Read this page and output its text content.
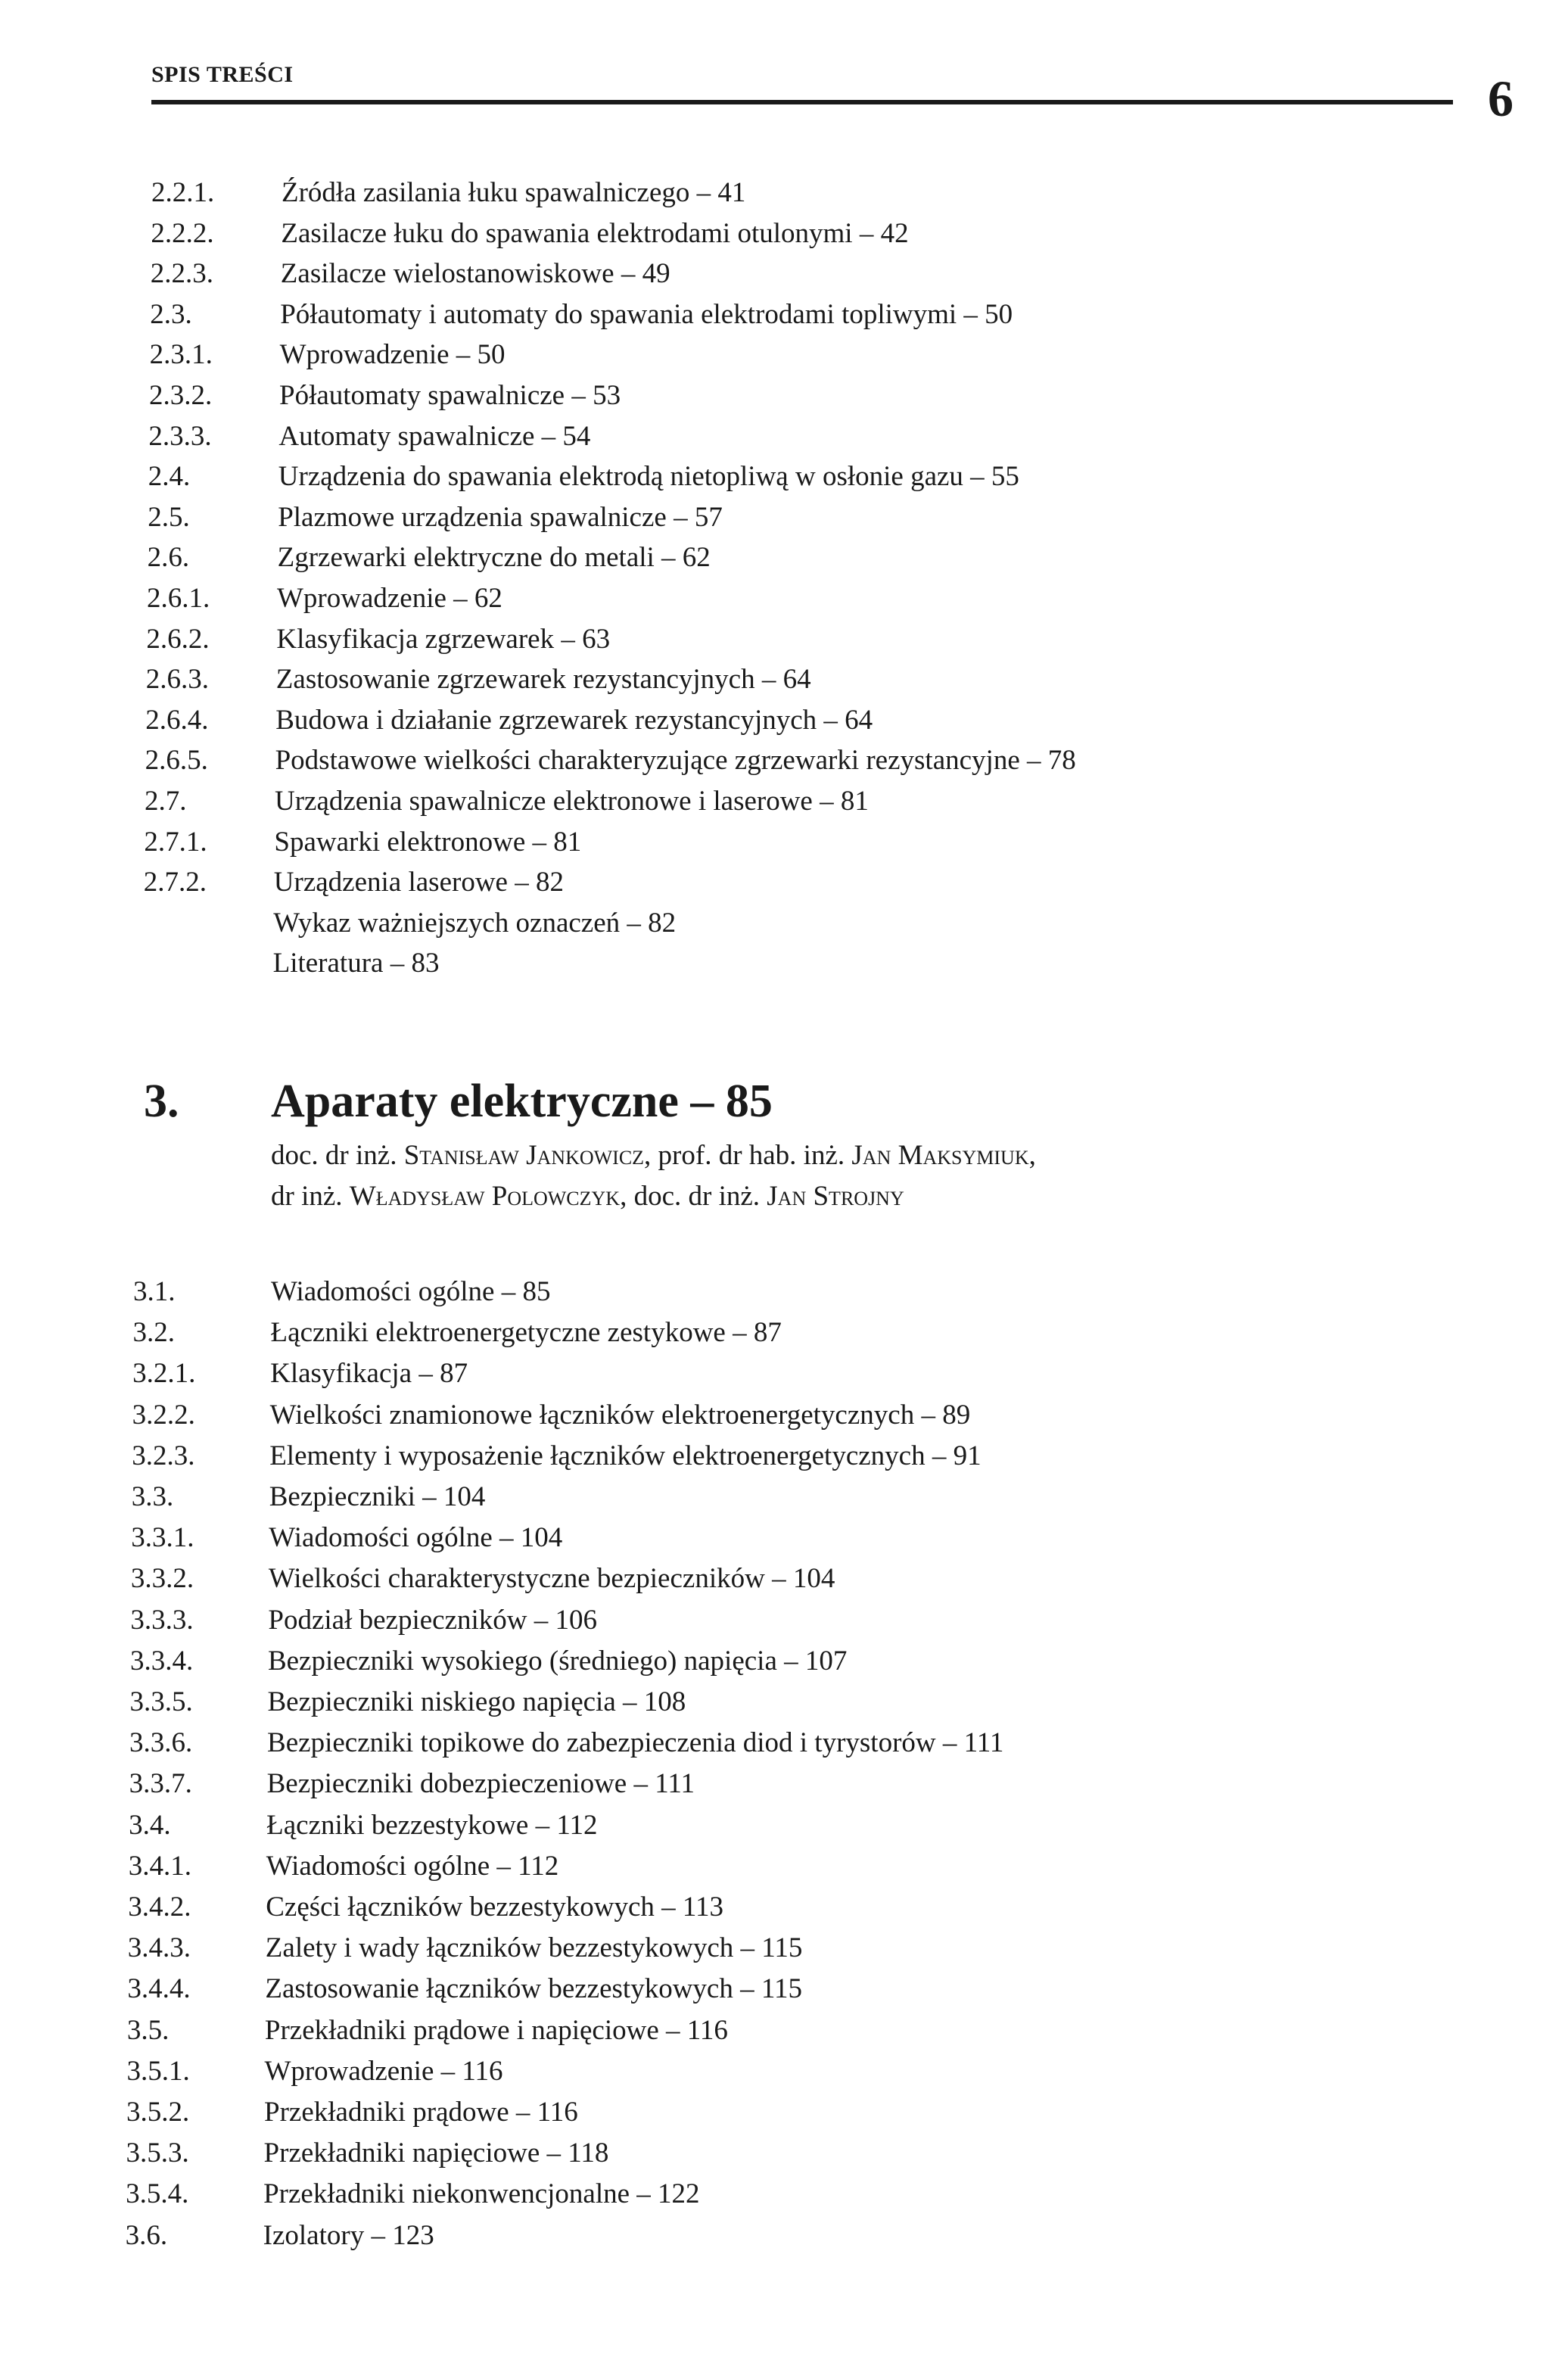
SPIS TREŚCI	6
2.2.1. Źródła zasilania łuku spawalniczego – 41
2.2.2. Zasilacze łuku do spawania elektrodami otulonymi – 42
2.2.3. Zasilacze wielostanowiskowe – 49
2.3.	Półautomaty i automaty do spawania elektrodami topliwymi – 50
2.3.1. Wprowadzenie – 50
2.3.2. Półautomaty spawalnicze – 53
2.3.3. Automaty spawalnicze – 54
2.4.	Urządzenia do spawania elektrodą nietopliwą w osłonie gazu – 55
2.5.	Plazmowe urządzenia spawalnicze – 57
2.6.	Zgrzewarki elektryczne do metali – 62
2.6.1. Wprowadzenie – 62
2.6.2. Klasyfikacja zgrzewarek – 63
2.6.3. Zastosowanie zgrzewarek rezystancyjnych – 64
2.6.4. Budowa i działanie zgrzewarek rezystancyjnych – 64
2.6.5. Podstawowe wielkości charakteryzujące zgrzewarki rezystancyjne – 78
2.7.	Urządzenia spawalnicze elektronowe i laserowe – 81
2.7.1. Spawarki elektronowe – 81
2.7.2. Urządzenia laserowe – 82
Wykaz ważniejszych oznaczeń – 82
Literatura – 83
3. Aparaty elektryczne – 85
doc. dr inż. Stanisław Jankowicz, prof. dr hab. inż. Jan Maksymiuk,
dr inż. Władysław Polowczyk, doc. dr inż. Jan Strojny
3.1.	Wiadomości ogólne – 85
3.2.	Łączniki elektroenergetyczne zestykowe – 87
3.2.1.	Klasyfikacja – 87
3.2.2.	Wielkości znamionowe łączników elektroenergetycznych – 89
3.2.3.	Elementy i wyposażenie łączników elektroenergetycznych – 91
3.3.	Bezpieczniki – 104
3.3.1.	Wiadomości ogólne – 104
3.3.2.	Wielkości charakterystyczne bezpieczników – 104
3.3.3.	Podział bezpieczników – 106
3.3.4.	Bezpieczniki wysokiego (średniego) napięcia – 107
3.3.5.	Bezpieczniki niskiego napięcia – 108
3.3.6.	Bezpieczniki topikowe do zabezpieczenia diod i tyrystorów – 111
3.3.7.	Bezpieczniki dobezpieczeniowe – 111
3.4.	Łączniki bezzestykowe – 112
3.4.1.	Wiadomości ogólne – 112
3.4.2.	Części łączników bezzestykowych – 113
3.4.3.	Zalety i wady łączników bezzestykowych – 115
3.4.4.	Zastosowanie łączników bezzestykowych – 115
3.5.	Przekładniki prądowe i napięciowe – 116
3.5.1.	Wprowadzenie – 116
3.5.2.	Przekładniki prądowe – 116
3.5.3.	Przekładniki napięciowe – 118
3.5.4.	Przekładniki niekonwencjonalne – 122
3.6.	Izolatory – 123
